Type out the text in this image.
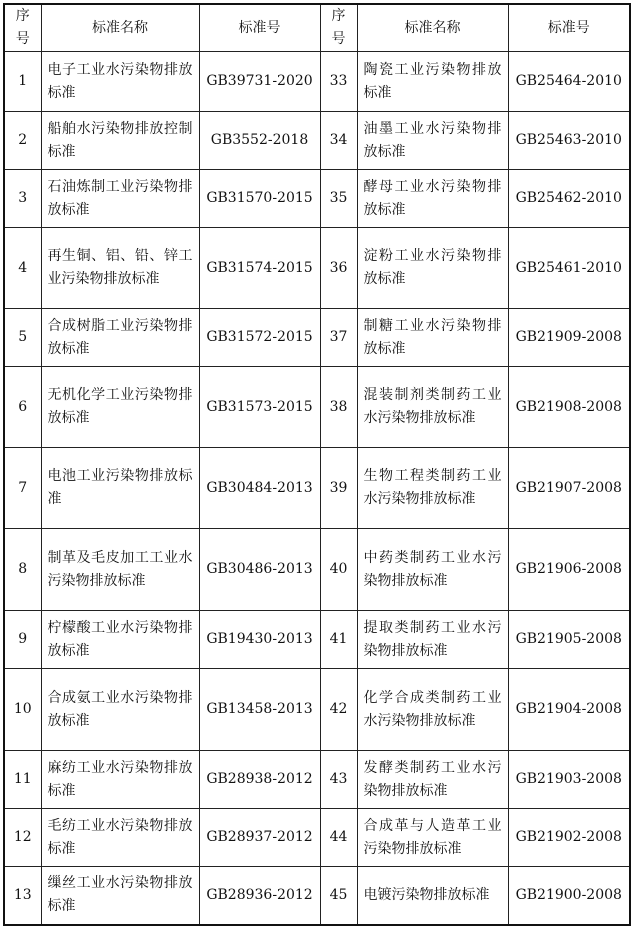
序号	标准名称	标准号	序号	标准名称	标准号
1	电子工业水污染物排放标准	GB39731-2020	33	陶瓷工业污染物排放标准	GB25464-2010
2	船舶水污染物排放控制标准	GB3552-2018	34	油墨工业水污染物排放标准	GB25463-2010
3	石油炼制工业污染物排放标准	GB31570-2015	35	酵母工业水污染物排放标准	GB25462-2010
4	再生铜、铝、铅、锌工业污染物排放标准	GB31574-2015	36	淀粉工业水污染物排放标准	GB25461-2010
5	合成树脂工业污染物排放标准	GB31572-2015	37	制糖工业水污染物排放标准	GB21909-2008
6	无机化学工业污染物排放标准	GB31573-2015	38	混装制剂类制药工业水污染物排放标准	GB21908-2008
7	电池工业污染物排放标准	GB30484-2013	39	生物工程类制药工业水污染物排放标准	GB21907-2008
8	制革及毛皮加工工业水污染物排放标准	GB30486-2013	40	中药类制药工业水污染物排放标准	GB21906-2008
9	柠檬酸工业水污染物排放标准	GB19430-2013	41	提取类制药工业水污染物排放标准	GB21905-2008
10	合成氨工业水污染物排放标准	GB13458-2013	42	化学合成类制药工业水污染物排放标准	GB21904-2008
11	麻纺工业水污染物排放标准	GB28938-2012	43	发酵类制药工业水污染物排放标准	GB21903-2008
12	毛纺工业水污染物排放标准	GB28937-2012	44	合成革与人造革工业污染物排放标准	GB21902-2008
13	缫丝工业水污染物排放标准	GB28936-2012	45	电镀污染物排放标准	GB21900-2008
